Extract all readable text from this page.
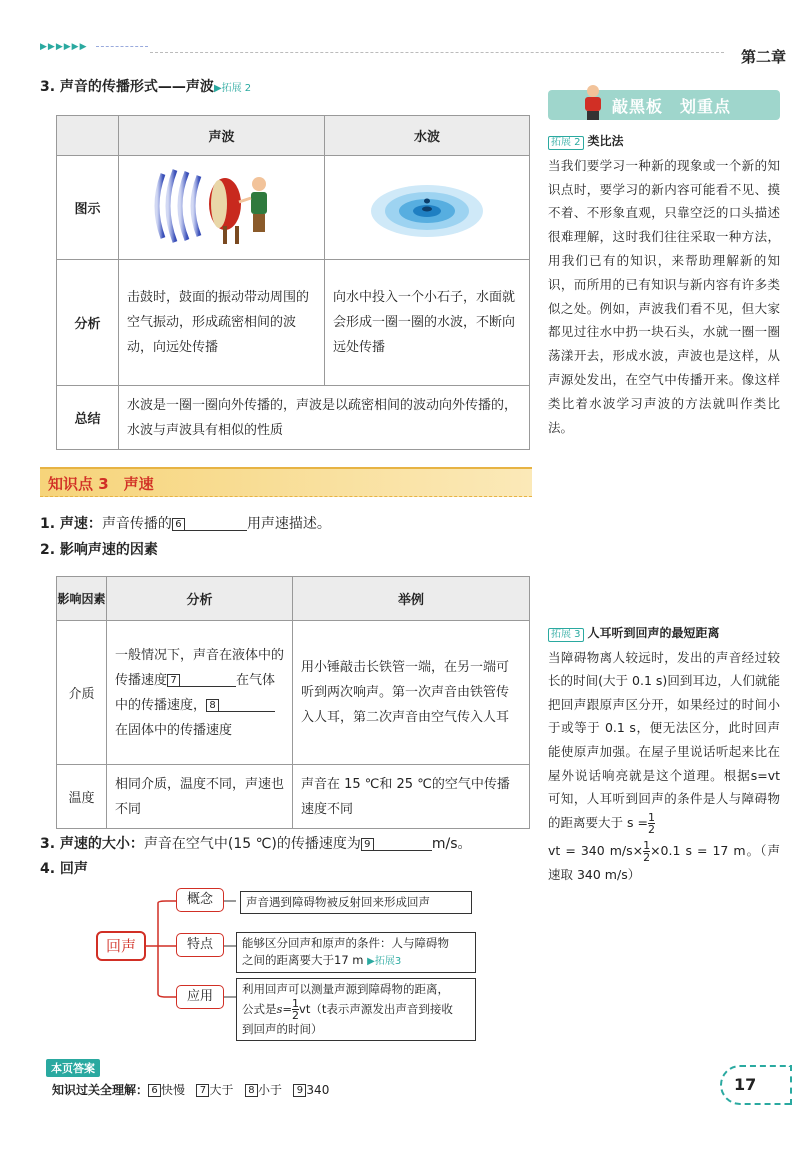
▶▶▶▶▶▶
第二章
3. 声音的传播形式——声波▶拓展 2
	声波	水波
图示		
分析	击鼓时，鼓面的振动带动周围的空气振动，形成疏密相间的波动，向远处传播	向水中投入一个小石子，水面就会形成一圈一圈的水波，不断向远处传播
总结	水波是一圈一圈向外传播的，声波是以疏密相间的波动向外传播的，水波与声波具有相似的性质	
知识点 3　声速
1. 声速：声音传播的 6	用声速描述。
2. 影响声速的因素
影响因素	分析	举例
介质	一般情况下，声音在液体中的传播速度 7 在气体中的传播速度， 8在固体中的传播速度	用小锤敲击长铁管一端，在另一端可听到两次响声。第一次声音由铁管传入人耳，第二次声音由空气传入人耳
温度	相同介质，温度不同，声速也不同	声音在 15 ℃和 25 ℃的空气中传播速度不同
3. 声速的大小：声音在空气中(15 ℃)的传播速度为 9	m/s。
4. 回声
回声
概念
特点
应用
声音遇到障碍物被反射回来形成回声
能够区分回声和原声的条件：人与障碍物
之间的距离要大于17 m ▶拓展3
利用回声可以测量声源到障碍物的距离，
公式是$s=\frac{1}{2} vt(t$表示声源发出声音到接收
到回声的时间）
本页答案
知识过关全理解： 6 快慢 7 大于 8 小于 9 340	17
敲黑板　划重点
拓展 2 类比法
当我们要学习一种新的现象或一个新的知识点时，要学习的新内容可能看不见、摸不着、不形象直观，只靠空泛的口头描述很难理解，这时我们往往采取一种方法，用我们已有的知识，来帮助理解新的知识，而所用的已有知识与新内容有许多类似之处。例如，声波我们看不见，但大家都见过往水中扔一块石头，水就一圈一圈荡漾开去，形成水波，声波也是这样，从声源处发出，在空气中传播开来。像这样类比着水波学习声波的方法就叫作类比法。
拓展 3 人耳听到回声的最短距离
当障碍物离人较远时，发出的声音经过较长的时间(大于 0.1 s)回到耳边，人们就能把回声跟原声区分开，如果经过的时间小于或等于 0.1 s，便无法区分，此时回声能使原声加强。在屋子里说话听起来比在屋外说话响亮就是这个道理。根据s=vt 可知，人耳听到回声的条件是人与障碍物的距离要大于 $s =\frac{1}{2}$
vt = 340 $m/s\times\frac{1}{2} \times 0.1$ s = 17 m。（声速取 340 m/s）
